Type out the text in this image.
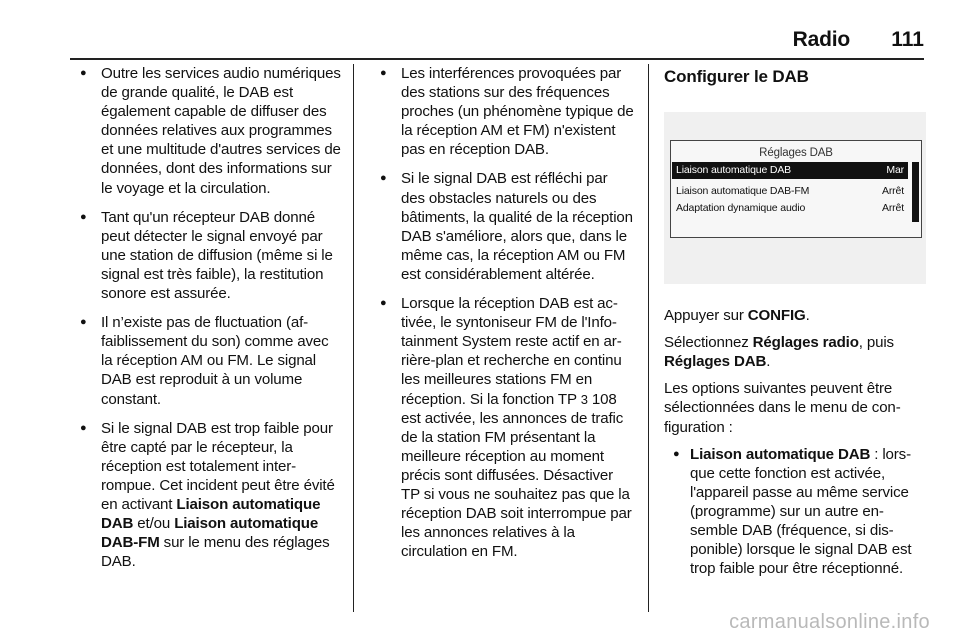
Radio 111
● Outre les services audio numériques de grande qualité, le DAB est également capable de diffuser des données relatives aux programmes et une multitude d'autres services de données, dont des informations sur le voyage et la circulation.
● Tant qu'un récepteur DAB donné peut détecter le signal envoyé par une station de diffusion (même si le signal est très faible), la restitution sonore est assurée.
● Il n’existe pas de fluctuation (affaiblissement du son) comme avec la réception AM ou FM. Le signal DAB est reproduit à un volume constant.
● Si le signal DAB est trop faible pour être capté par le récepteur, la réception est totalement interrompue. Cet incident peut être évité en activant Liaison automatique DAB et/ou Liaison automatique DAB-FM sur le menu des réglages DAB.
● Les interférences provoquées par des stations sur des fréquences proches (un phénomène typique de la réception AM et FM) n'existent pas en réception DAB.
● Si le signal DAB est réfléchi par des obstacles naturels ou des bâtiments, la qualité de la réception DAB s'améliore, alors que, dans le même cas, la réception AM ou FM est considérablement altérée.
● Lorsque la réception DAB est activée, le syntoniseur FM de l'Infotainment System reste actif en arrière-plan et recherche en continu les meilleures stations FM en réception. Si la fonction TP 3 108 est activée, les annonces de trafic de la station FM présentant la meilleure réception au moment précis sont diffusées. Désactiver TP si vous ne souhaitez pas que la réception DAB soit interrompue par les annonces relatives à la circulation en FM.
Configurer le DAB
Réglages DAB
Liaison automatique DAB	Mar
Liaison automatique DAB-FM	Arrêt
Adaptation dynamique audio	Arrêt

Appuyer sur CONFIG.

Sélectionnez Réglages radio, puis Réglages DAB.

Les options suivantes peuvent être sélectionnées dans le menu de configuration :

● Liaison automatique DAB : lorsque cette fonction est activée, l'appareil passe au même service (programme) sur un autre ensemble DAB (fréquence, si disponible) lorsque le signal DAB est trop faible pour être réceptionné.
carmanualsonline.info
